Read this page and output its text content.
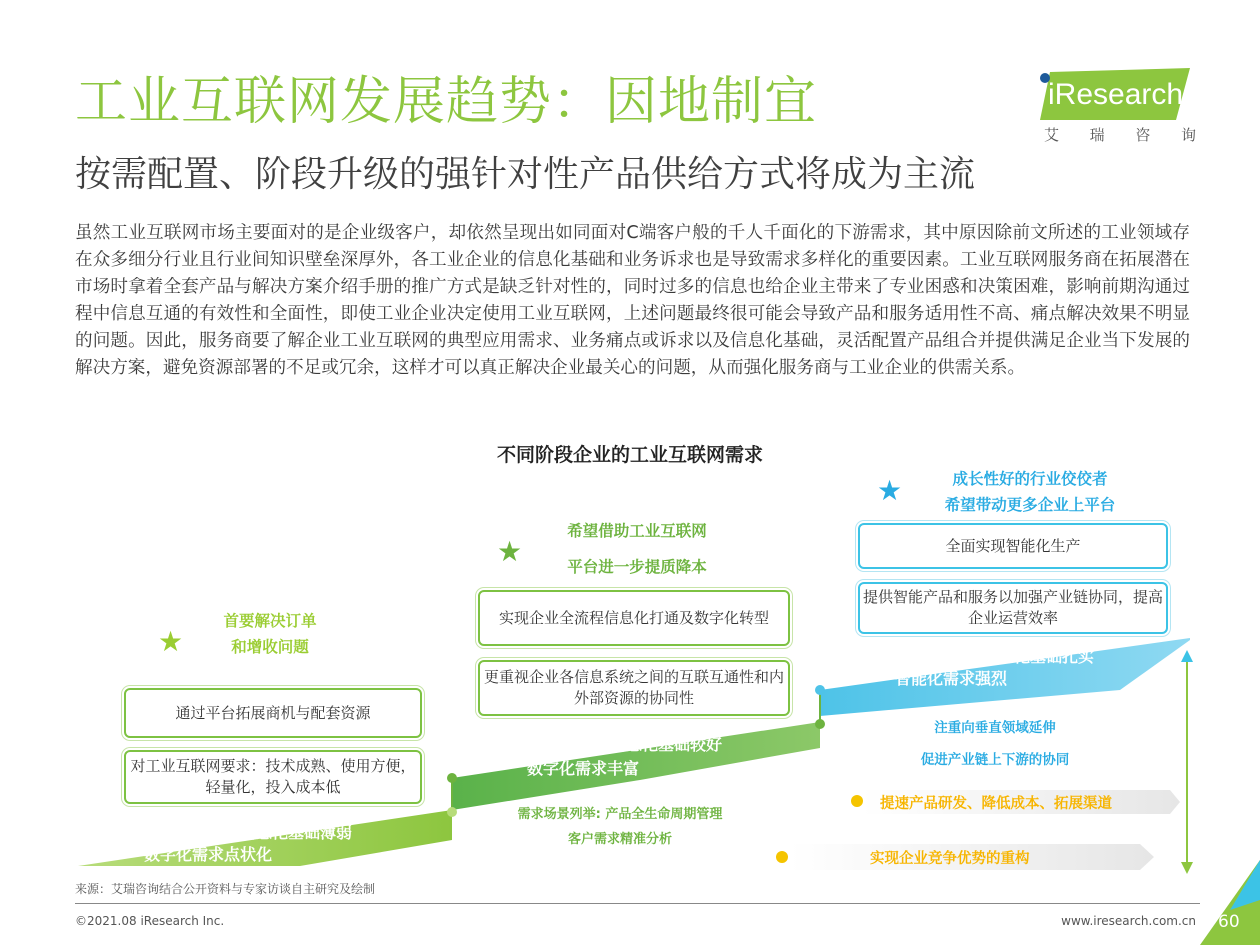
工业互联网发展趋势：因地制宜
按需配置、阶段升级的强针对性产品供给方式将成为主流
iResearch
艾 瑞 咨 询
虽然工业互联网市场主要面对的是企业级客户，却依然呈现出如同面对C端客户般的千人千面化的下游需求，其中原因除前文所述的工业领域存在众多细分行业且行业间知识壁垒深厚外，各工业企业的信息化基础和业务诉求也是导致需求多样化的重要因素。工业互联网服务商在拓展潜在市场时拿着全套产品与解决方案介绍手册的推广方式是缺乏针对性的，同时过多的信息也给企业主带来了专业困惑和决策困难，影响前期沟通过程中信息互通的有效性和全面性，即使工业企业决定使用工业互联网，上述问题最终很可能会导致产品和服务适用性不高、痛点解决效果不明显的问题。因此，服务商要了解企业工业互联网的典型应用需求、业务痛点或诉求以及信息化基础，灵活配置产品组合并提供满足企业当下发展的解决方案，避免资源部署的不足或冗余，这样才可以真正解决企业最关心的问题，从而强化服务商与工业企业的供需关系。
不同阶段企业的工业互联网需求
★
首要解决订单
和增收问题
通过平台拓展商机与配套资源
对工业互联网要求：技术成熟、使用方便，轻量化，投入成本低
信息化基础薄弱
数字化需求点状化
★
希望借助工业互联网
平台进一步提质降本
实现企业全流程信息化打通及数字化转型
更重视企业各信息系统之间的互联互通性和内外部资源的协同性
信息化基础较好
数字化需求丰富
需求场景列举: 产品全生命周期管理
客户需求精准分析
★	成长性好的行业佼佼者
希望带动更多企业上平台
全面实现智能化生产
提供智能产品和服务以加强产业链协同，提高企业运营效率
信息化基础扎实
智能化需求强烈
注重向垂直领域延伸
促进产业链上下游的协同
提速产品研发、降低成本、拓展渠道
实现企业竞争优势的重构
来源：艾瑞咨询结合公开资料与专家访谈自主研究及绘制
©2021.08 iResearch Inc.	www.iresearch.com.cn 60
